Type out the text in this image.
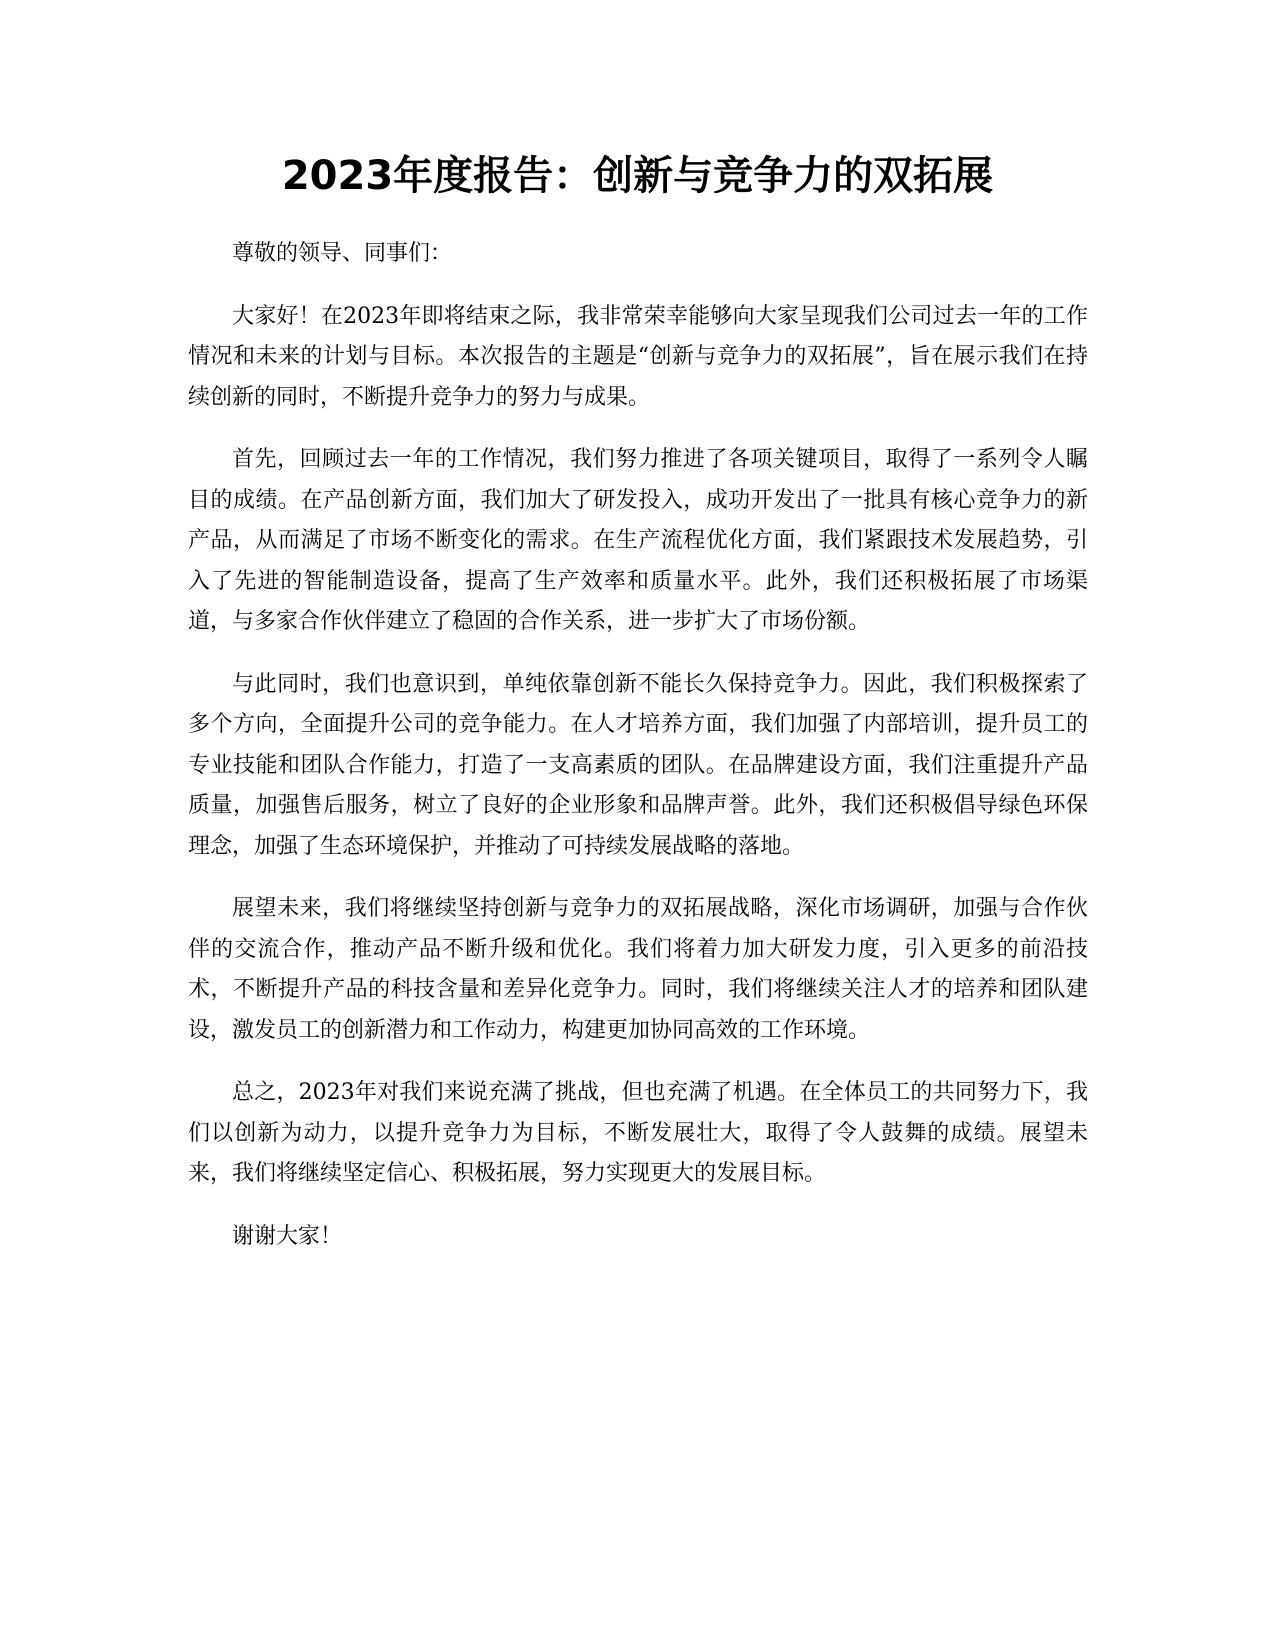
2023年度报告：创新与竞争力的双拓展

尊敬的领导、同事们：

大家好！在2023年即将结束之际，我非常荣幸能够向大家呈现我们公司过去一年的工作情况和未来的计划与目标。本次报告的主题是“创新与竞争力的双拓展”，旨在展示我们在持续创新的同时，不断提升竞争力的努力与成果。

首先，回顾过去一年的工作情况，我们努力推进了各项关键项目，取得了一系列令人瞩目的成绩。在产品创新方面，我们加大了研发投入，成功开发出了一批具有核心竞争力的新产品，从而满足了市场不断变化的需求。在生产流程优化方面，我们紧跟技术发展趋势，引入了先进的智能制造设备，提高了生产效率和质量水平。此外，我们还积极拓展了市场渠道，与多家合作伙伴建立了稳固的合作关系，进一步扩大了市场份额。

与此同时，我们也意识到，单纯依靠创新不能长久保持竞争力。因此，我们积极探索了多个方向，全面提升公司的竞争能力。在人才培养方面，我们加强了内部培训，提升员工的专业技能和团队合作能力，打造了一支高素质的团队。在品牌建设方面，我们注重提升产品质量，加强售后服务，树立了良好的企业形象和品牌声誉。此外，我们还积极倡导绿色环保理念，加强了生态环境保护，并推动了可持续发展战略的落地。

展望未来，我们将继续坚持创新与竞争力的双拓展战略，深化市场调研，加强与合作伙伴的交流合作，推动产品不断升级和优化。我们将着力加大研发力度，引入更多的前沿技术，不断提升产品的科技含量和差异化竞争力。同时，我们将继续关注人才的培养和团队建设，激发员工的创新潜力和工作动力，构建更加协同高效的工作环境。

总之，2023年对我们来说充满了挑战，但也充满了机遇。在全体员工的共同努力下，我们以创新为动力，以提升竞争力为目标，不断发展壮大，取得了令人鼓舞的成绩。展望未来，我们将继续坚定信心、积极拓展，努力实现更大的发展目标。

谢谢大家！
